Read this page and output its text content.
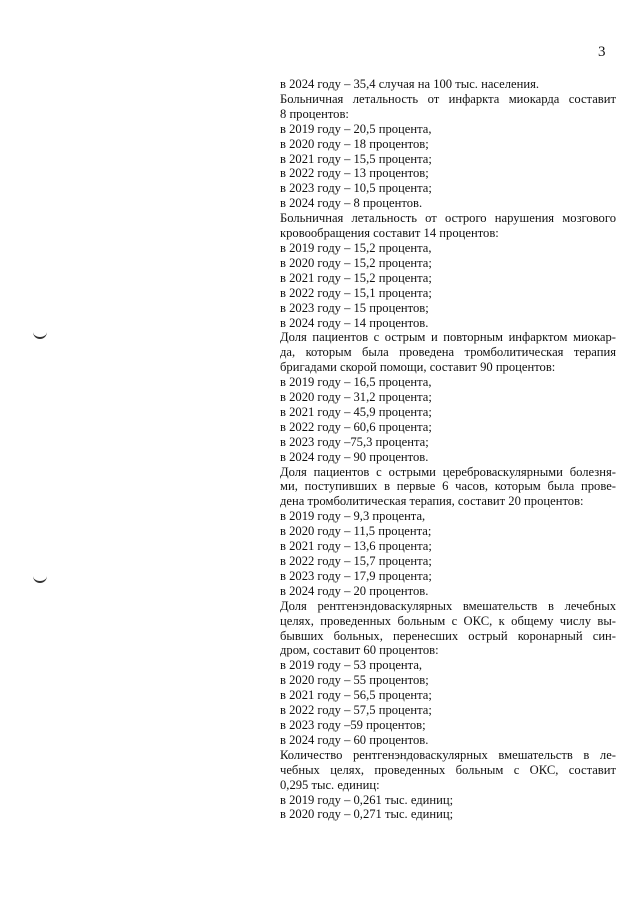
3
в 2024 году – 35,4 случая на 100 тыс. населения.
Больничная летальность от инфаркта миокарда составит
8 процентов:
в 2019 году – 20,5 процента,
в 2020 году – 18 процентов;
в 2021 году – 15,5 процента;
в 2022 году – 13 процентов;
в 2023 году – 10,5 процента;
в 2024 году – 8 процентов.
Больничная летальность от острого нарушения мозгового
кровообращения составит 14 процентов:
в 2019 году – 15,2 процента,
в 2020 году – 15,2 процента;
в 2021 году – 15,2 процента;
в 2022 году – 15,1 процента;
в 2023 году – 15 процентов;
в 2024 году – 14 процентов.
Доля пациентов с острым и повторным инфарктом миокар-
да, которым была проведена тромболитическая терапия
бригадами скорой помощи, составит 90 процентов:
в 2019 году – 16,5 процента,
в 2020 году – 31,2 процента;
в 2021 году – 45,9 процента;
в 2022 году – 60,6 процента;
в 2023 году –75,3 процента;
в 2024 году – 90 процентов.
Доля пациентов с острыми цереброваскулярными болезня-
ми, поступивших в первые 6 часов, которым была прове-
дена тромболитическая терапия, составит 20 процентов:
в 2019 году – 9,3 процента,
в 2020 году – 11,5 процента;
в 2021 году – 13,6 процента;
в 2022 году – 15,7 процента;
в 2023 году – 17,9 процента;
в 2024 году – 20 процентов.
Доля рентгенэндоваскулярных вмешательств в лечебных
целях, проведенных больным с ОКС, к общему числу вы-
бывших больных, перенесших острый коронарный син-
дром, составит 60 процентов:
в 2019 году – 53 процента,
в 2020 году – 55 процентов;
в 2021 году – 56,5 процента;
в 2022 году – 57,5 процента;
в 2023 году –59 процентов;
в 2024 году – 60 процентов.
Количество рентгенэндоваскулярных вмешательств в ле-
чебных целях, проведенных больным с ОКС, составит
0,295 тыс. единиц:
в 2019 году – 0,261 тыс. единиц;
в 2020 году – 0,271 тыс. единиц;
